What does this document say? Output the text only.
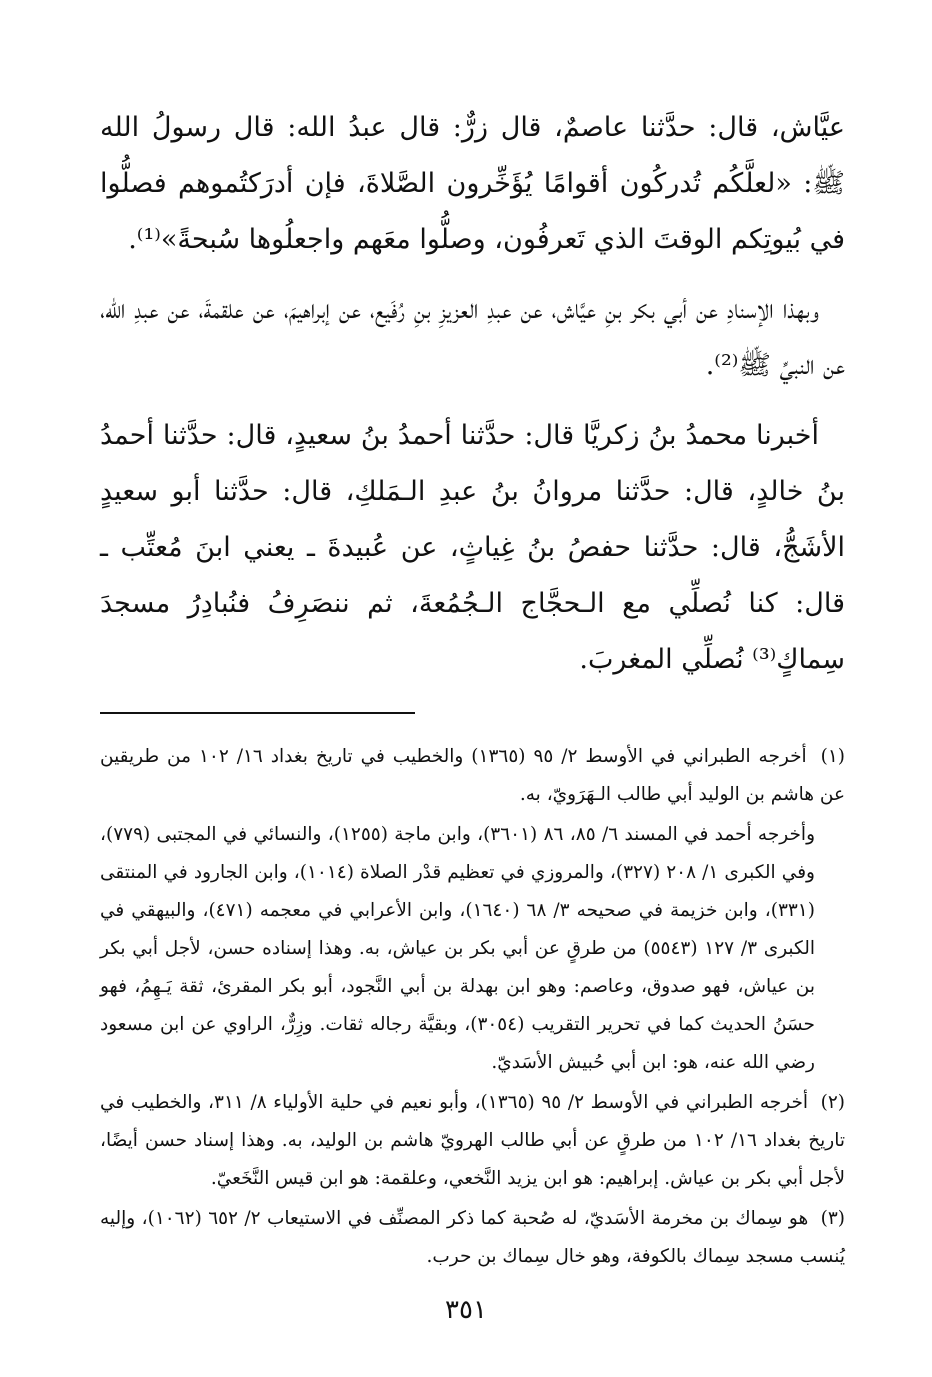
عيَّاش، قال: حدَّثنا عاصمٌ، قال زرٌّ: قال عبدُ الله: قال رسولُ الله ﷺ: «لعلَّكُم تُدركُون أقوامًا يُؤَخِّرون الصَّلاةَ، فإن أدرَكتُموهم فصلُّوا في بُيوتِكم الوقتَ الذي تَعرفُون، وصلُّوا معَهم واجعلُوها سُبحةً»⁽¹⁾.

وبهذا الإسنادِ عن أبي بكر بنِ عيَّاش، عن عبدِ العزيزِ بنِ رُفَيع، عن إبراهيمَ، عن علقمةَ، عن عبدِ الله، عن النبيِّ ﷺ⁽²⁾.

أخبرنا محمدُ بنُ زكريَّا قال: حدَّثنا أحمدُ بنُ سعيدٍ، قال: حدَّثنا أحمدُ بنُ خالدٍ، قال: حدَّثنا مروانُ بنُ عبدِ الـمَلكِ، قال: حدَّثنا أبو سعيدٍ الأشَجُّ، قال: حدَّثنا حفصُ بنُ غِياثٍ، عن عُبيدةَ ـ يعني ابنَ مُعتِّب ـ قال: كنا نُصلِّي مع الـحجَّاج الـجُمُعةَ، ثم ننصَرِفُ فنُبادِرُ مسجدَ سِماكٍ⁽³⁾ نُصلِّي المغربَ.

(١) أخرجه الطبراني في الأوسط ٢/ ٩٥ (١٣٦٥) والخطيب في تاريخ بغداد ١٦/ ١٠٢ من طريقين عن هاشم بن الوليد أبي طالب الـهَرَويّ، به.
وأخرجه أحمد في المسند ٦/ ٨٥، ٨٦ (٣٦٠١)، وابن ماجة (١٢٥٥)، والنسائي في المجتبى (٧٧٩)، وفي الكبرى ١/ ٢٠٨ (٣٢٧)، والمروزي في تعظيم قدْر الصلاة (١٠١٤)، وابن الجارود في المنتقى (٣٣١)، وابن خزيمة في صحيحه ٣/ ٦٨ (١٦٤٠)، وابن الأعرابي في معجمه (٤٧١)، والبيهقي في الكبرى ٣/ ١٢٧ (٥٥٤٣) من طرقٍ عن أبي بكر بن عياش، به. وهذا إسناده حسن، لأجل أبي بكر بن عياش، فهو صدوق، وعاصم: وهو ابن بهدلة بن أبي النَّجود، أبو بكر المقرئ، ثقة يَـهِمُ، فهو حسَنُ الحديث كما في تحرير التقريب (٣٠٥٤)، وبقيَّة رجاله ثقات. وزِرٌّ، الراوي عن ابن مسعود رضي الله عنه، هو: ابن أبي حُبيش الأسَديّ.
(٢) أخرجه الطبراني في الأوسط ٢/ ٩٥ (١٣٦٥)، وأبو نعيم في حلية الأولياء ٨/ ٣١١، والخطيب في تاريخ بغداد ١٦/ ١٠٢ من طرقٍ عن أبي طالب الهرويّ هاشم بن الوليد، به. وهذا إسناد حسن أيضًا، لأجل أبي بكر بن عياش. إبراهيم: هو ابن يزيد النَّخعي، وعلقمة: هو ابن قيس النَّخَعيّ.
(٣) هو سِماك بن مخرمة الأسَديّ، له صُحبة كما ذكر المصنِّف في الاستيعاب ٢/ ٦٥٢ (١٠٦٢)، وإليه يُنسب مسجد سِماك بالكوفة، وهو خال سِماك بن حرب.
٣٥١
